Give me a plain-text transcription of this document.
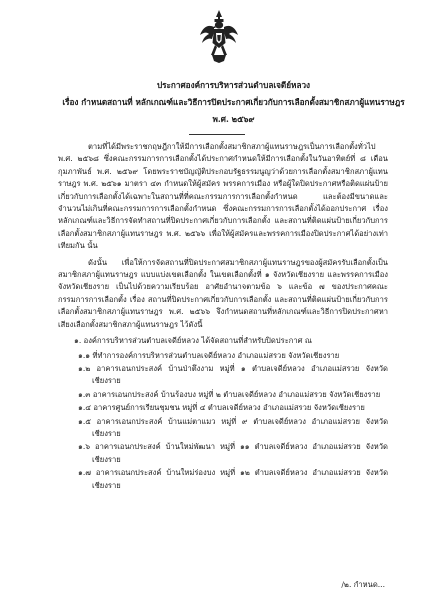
ประกาศองค์การบริหารส่วนตำบลเจดีย์หลวง
เรื่อง กำหนดสถานที่ หลักเกณฑ์และวิธีการปิดประกาศเกี่ยวกับการเลือกตั้งสมาชิกสภาผู้แทนราษฎร
พ.ศ. ๒๕๖๙

ตามที่ได้มีพระราชกฤษฎีกาให้มีการเลือกตั้งสมาชิกสภาผู้แทนราษฎรเป็นการเลือกตั้งทั่วไป พ.ศ. ๒๕๖๘ ซึ่งคณะกรรมการการเลือกตั้งได้ประกาศกำหนดให้มีการเลือกตั้งในวันอาทิตย์ที่ ๘ เดือนกุมภาพันธ์ พ.ศ. ๒๕๖๙ โดยพระราชบัญญัติประกอบรัฐธรรมนูญว่าด้วยการเลือกตั้งสมาชิกสภาผู้แทนราษฎร พ.ศ. ๒๕๖๑ มาตรา ๔๓ กำหนดให้ผู้สมัคร พรรคการเมือง หรือผู้ใดปิดประกาศหรือติดแผ่นป้ายเกี่ยวกับการเลือกตั้งได้เฉพาะในสถานที่ที่คณะกรรมการการเลือกตั้งกำหนด และต้องมีขนาดและจำนวนไม่เกินที่คณะกรรมการการเลือกตั้งกำหนด ซึ่งคณะกรรมการการเลือกตั้งได้ออกประกาศ เรื่อง หลักเกณฑ์และวิธีการจัดทำสถานที่ปิดประกาศเกี่ยวกับการเลือกตั้ง และสถานที่ติดแผ่นป้ายเกี่ยวกับการเลือกตั้งสมาชิกสภาผู้แทนราษฎร พ.ศ. ๒๕๖๖ เพื่อให้ผู้สมัครและพรรคการเมืองปิดประกาศได้อย่างเท่าเทียมกัน นั้น

ดังนั้น เพื่อให้การจัดสถานที่ปิดประกาศสมาชิกสภาผู้แทนราษฎรของผู้สมัครรับเลือกตั้งเป็นสมาชิกสภาผู้แทนราษฎร แบบแบ่งเขตเลือกตั้ง ในเขตเลือกตั้งที่ ๑ จังหวัดเชียงราย และพรรคการเมืองจังหวัดเชียงราย เป็นไปด้วยความเรียบร้อย อาศัยอำนาจตามข้อ ๖ และข้อ ๗ ของประกาศคณะกรรมการการเลือกตั้ง เรื่อง สถานที่ปิดประกาศเกี่ยวกับการเลือกตั้ง และสถานที่ติดแผ่นป้ายเกี่ยวกับการเลือกตั้งสมาชิกสภาผู้แทนราษฎร พ.ศ. ๒๕๖๖ จึงกำหนดสถานที่หลักเกณฑ์และวิธีการปิดประกาศหาเสียงเลือกตั้งสมาชิกสภาผู้แทนราษฎร ไว้ดังนี้

๑. องค์การบริหารส่วนตำบลเจดีย์หลวง ได้จัดสถานที่สำหรับปิดประกาศ ณ
๑.๑ ที่ทำการองค์การบริหารส่วนตำบลเจดีย์หลวง อำเภอแม่สรวย จังหวัดเชียงราย
๑.๒ อาคารเอนกประสงค์ บ้านป่าตึงงาม หมู่ที่ ๑ ตำบลเจดีย์หลวง อำเภอแม่สรวย จังหวัดเชียงราย
๑.๓ อาคารเอนกประสงค์ บ้านร้องบง หมู่ที่ ๒ ตำบลเจดีย์หลวง อำเภอแม่สรวย จังหวัดเชียงราย
๑.๔ อาคารศูนย์การเรียนชุมชน หมู่ที่ ๔ ตำบลเจดีย์หลวง อำเภอแม่สรวย จังหวัดเชียงราย
๑.๕ อาคารเอนกประสงค์ บ้านแม่ตาแมว หมู่ที่ ๙ ตำบลเจดีย์หลวง อำเภอแม่สรวย จังหวัดเชียงราย
๑.๖ อาคารเอนกประสงค์ บ้านใหม่พัฒนา หมู่ที่ ๑๑ ตำบลเจดีย์หลวง อำเภอแม่สรวย จังหวัดเชียงราย
๑.๗ อาคารเอนกประสงค์ บ้านใหม่ร่องบง หมู่ที่ ๑๒ ตำบลเจดีย์หลวง อำเภอแม่สรวย จังหวัดเชียงราย
/๒. กำหนด...
